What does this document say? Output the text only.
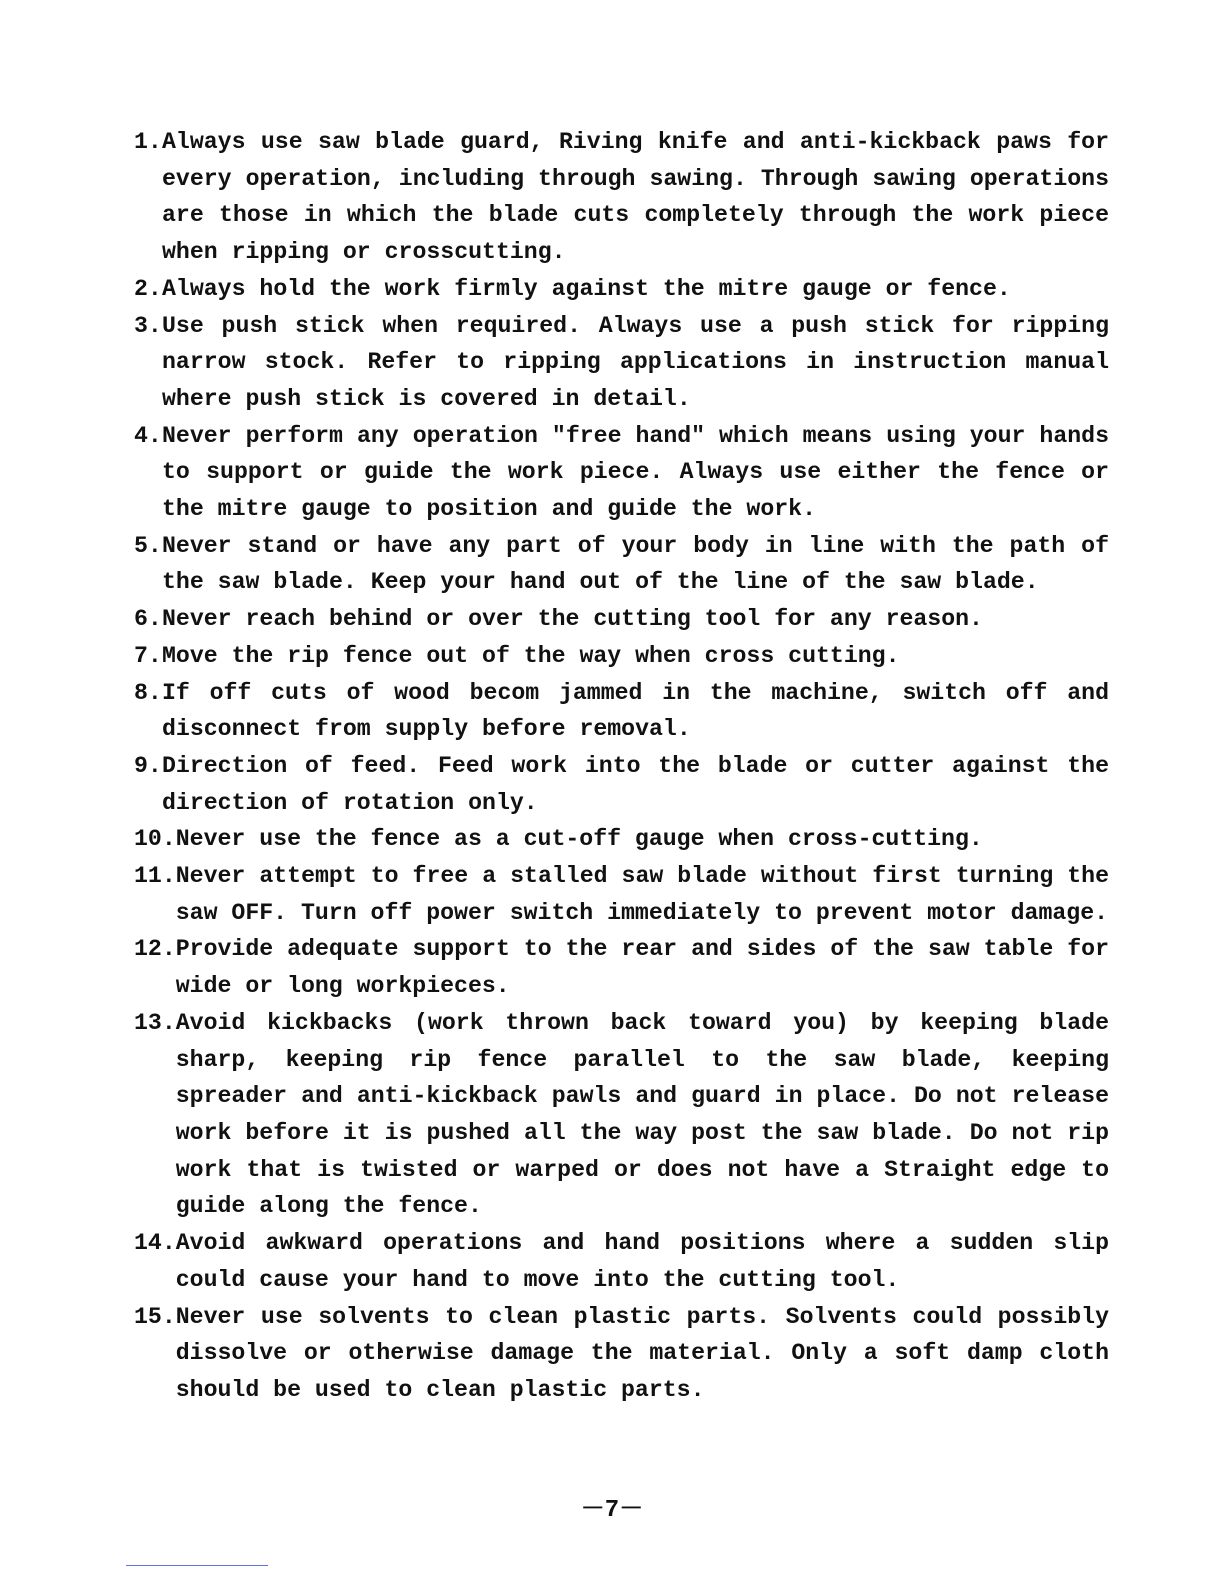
1. Always use saw blade guard, Riving knife and anti-kickback paws for every operation, including through sawing. Through sawing operations are those in which the blade cuts completely through the work piece when ripping or crosscutting.
2. Always hold the work firmly against the mitre gauge or fence.
3. Use push stick when required. Always use a push stick for ripping narrow stock. Refer to ripping applications in instruction manual where push stick is covered in detail.
4. Never perform any operation "free hand" which means using your hands to support or guide the work piece. Always use either the fence or the mitre gauge to position and guide the work.
5. Never stand or have any part of your body in line with the path of the saw blade. Keep your hand out of the line of the saw blade.
6. Never reach behind or over the cutting tool for any reason.
7. Move the rip fence out of the way when cross cutting.
8. If off cuts of wood becom jammed in the machine, switch off and disconnect from supply before removal.
9. Direction of feed. Feed work into the blade or cutter against the direction of rotation only.
10. Never use the fence as a cut-off gauge when cross-cutting.
11. Never attempt to free a stalled saw blade without first turning the saw OFF. Turn off power switch immediately to prevent motor damage.
12. Provide adequate support to the rear and sides of the saw table for wide or long workpieces.
13. Avoid kickbacks (work thrown back toward you) by keeping blade sharp, keeping rip fence parallel to the saw blade, keeping spreader and anti-kickback pawls and guard in place. Do not release work before it is pushed all the way post the saw blade. Do not rip work that is twisted or warped or does not have a Straight edge to guide along the fence.
14. Avoid awkward operations and hand positions where a sudden slip could cause your hand to move into the cutting tool.
15. Never use solvents to clean plastic parts. Solvents could possibly dissolve or otherwise damage the material. Only a soft damp cloth should be used to clean plastic parts.
－7－
